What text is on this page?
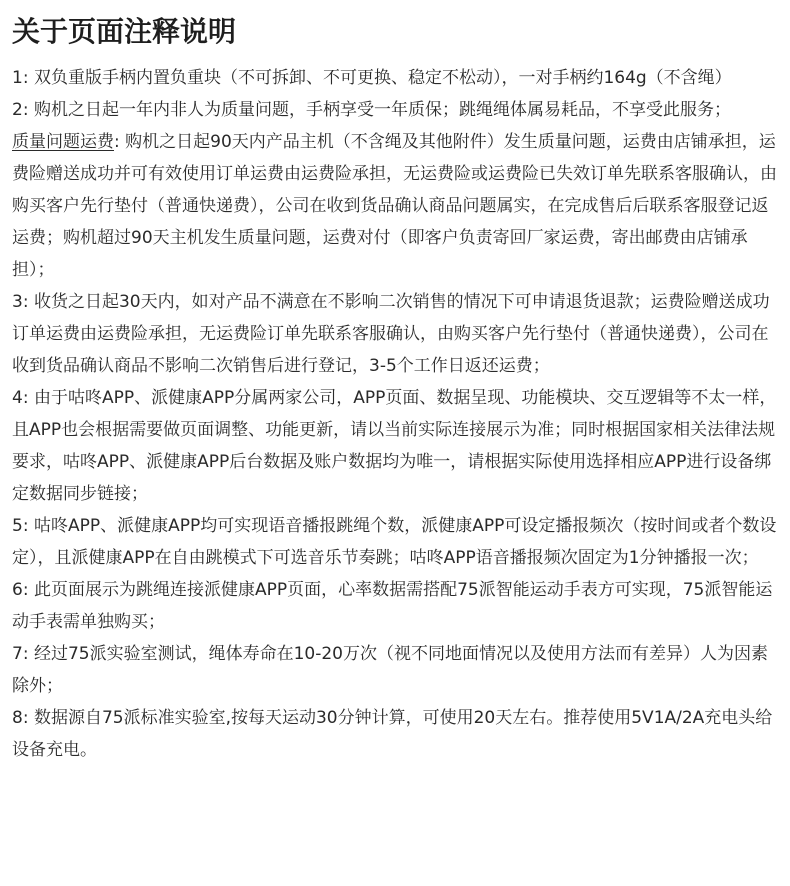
关于页面注释说明

1: 双负重版手柄内置负重块（不可拆卸、不可更换、稳定不松动），一对手柄约164g（不含绳）

2: 购机之日起一年内非人为质量问题，手柄享受一年质保；跳绳绳体属易耗品，不享受此服务；

质量问题运费: 购机之日起90天内产品主机（不含绳及其他附件）发生质量问题，运费由店铺承担，运费险赠送成功并可有效使用订单运费由运费险承担，无运费险或运费险已失效订单先联系客服确认，由购买客户先行垫付（普通快递费），公司在收到货品确认商品问题属实，在完成售后后联系客服登记返运费；购机超过90天主机发生质量问题，运费对付（即客户负责寄回厂家运费，寄出邮费由店铺承担）；

3: 收货之日起30天内，如对产品不满意在不影响二次销售的情况下可申请退货退款；运费险赠送成功订单运费由运费险承担，无运费险订单先联系客服确认，由购买客户先行垫付（普通快递费），公司在收到货品确认商品不影响二次销售后进行登记，3-5个工作日返还运费；

4: 由于咕咚APP、派健康APP分属两家公司，APP页面、数据呈现、功能模块、交互逻辑等不太一样，且APP也会根据需要做页面调整、功能更新，请以当前实际连接展示为准；同时根据国家相关法律法规要求，咕咚APP、派健康APP后台数据及账户数据均为唯一，请根据实际使用选择相应APP进行设备绑定数据同步链接；

5: 咕咚APP、派健康APP均可实现语音播报跳绳个数，派健康APP可设定播报频次（按时间或者个数设定），且派健康APP在自由跳模式下可选音乐节奏跳；咕咚APP语音播报频次固定为1分钟播报一次；

6: 此页面展示为跳绳连接派健康APP页面，心率数据需搭配75派智能运动手表方可实现，75派智能运动手表需单独购买；

7: 经过75派实验室测试，绳体寿命在10-20万次（视不同地面情况以及使用方法而有差异）人为因素除外；

8: 数据源自75派标准实验室,按每天运动30分钟计算，可使用20天左右。推荐使用5V1A/2A充电头给设备充电。
